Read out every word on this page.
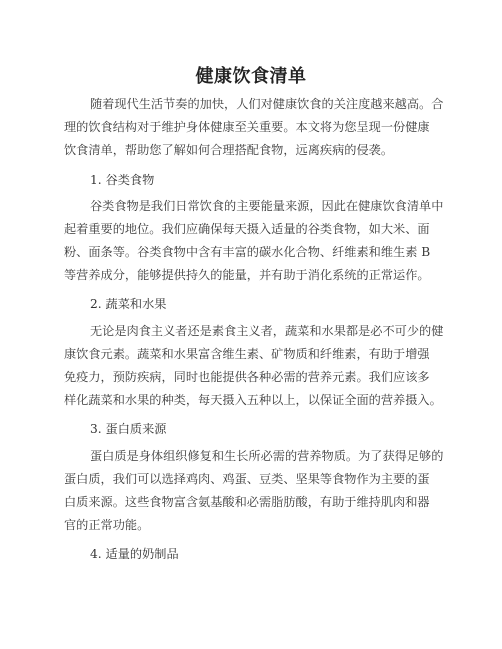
健康饮食清单
随着现代生活节奏的加快，人们对健康饮食的关注度越来越高。合
理的饮食结构对于维护身体健康至关重要。本文将为您呈现一份健康
饮食清单，帮助您了解如何合理搭配食物，远离疾病的侵袭。
1. 谷类食物
谷类食物是我们日常饮食的主要能量来源，因此在健康饮食清单中
起着重要的地位。我们应确保每天摄入适量的谷类食物，如大米、面
粉、面条等。谷类食物中含有丰富的碳水化合物、纤维素和维生素 B
等营养成分，能够提供持久的能量，并有助于消化系统的正常运作。
2. 蔬菜和水果
无论是肉食主义者还是素食主义者，蔬菜和水果都是必不可少的健
康饮食元素。蔬菜和水果富含维生素、矿物质和纤维素，有助于增强
免疫力，预防疾病，同时也能提供各种必需的营养元素。我们应该多
样化蔬菜和水果的种类，每天摄入五种以上，以保证全面的营养摄入。
3. 蛋白质来源
蛋白质是身体组织修复和生长所必需的营养物质。为了获得足够的
蛋白质，我们可以选择鸡肉、鸡蛋、豆类、坚果等食物作为主要的蛋
白质来源。这些食物富含氨基酸和必需脂肪酸，有助于维持肌肉和器
官的正常功能。
4. 适量的奶制品
